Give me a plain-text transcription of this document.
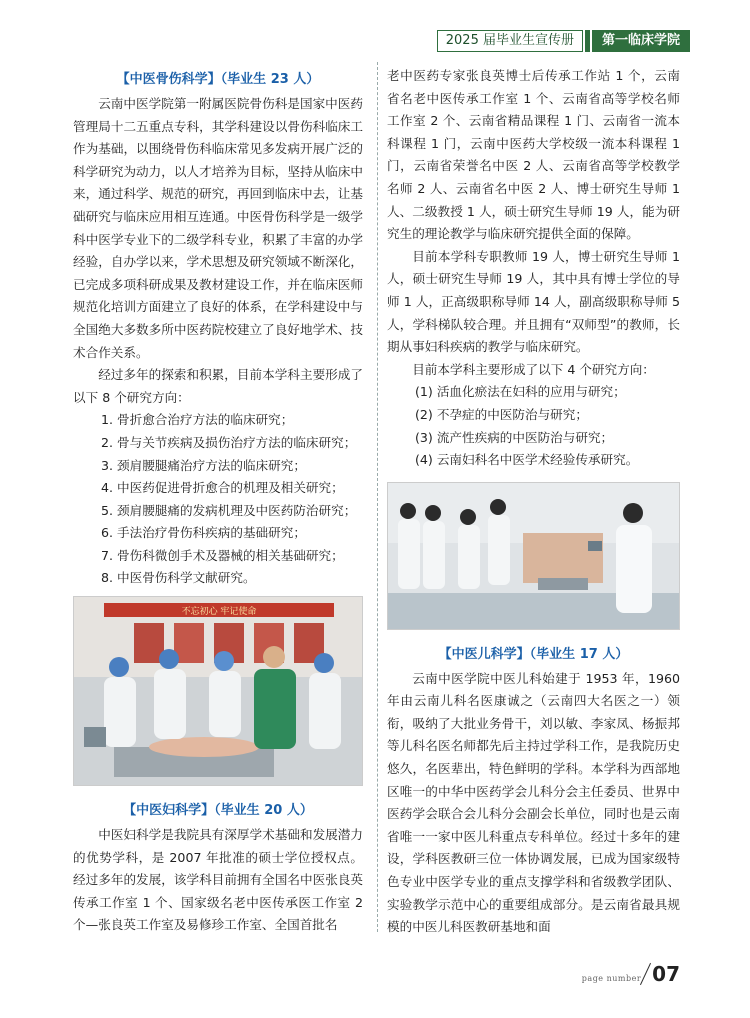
2025 届毕业生宣传册	第一临床学院
【中医骨伤科学】（毕业生 23 人）
云南中医学院第一附属医院骨伤科是国家中医药管理局十二五重点专科，其学科建设以骨伤科临床工作为基础，以围绕骨伤科临床常见多发病开展广泛的科学研究为动力，以人才培养为目标，坚持从临床中来，通过科学、规范的研究，再回到临床中去，让基础研究与临床应用相互连通。中医骨伤科学是一级学科中医学专业下的二级学科专业，积累了丰富的办学经验，自办学以来，学术思想及研究领域不断深化，已完成多项科研成果及教材建设工作，并在临床医师规范化培训方面建立了良好的体系，在学科建设中与全国绝大多数多所中医药院校建立了良好地学术、技术合作关系。
经过多年的探索和积累，目前本学科主要形成了以下 8 个研究方向：
1. 骨折愈合治疗方法的临床研究；
2. 骨与关节疾病及损伤治疗方法的临床研究；
3. 颈肩腰腿痛治疗方法的临床研究；
4. 中医药促进骨折愈合的机理及相关研究；
5. 颈肩腰腿痛的发病机理及中医药防治研究；
6. 手法治疗骨伤科疾病的基础研究；
7. 骨伤科微创手术及器械的相关基础研究；
8. 中医骨伤科学文献研究。
不忘初心 牢记使命
【中医妇科学】（毕业生 20 人）
中医妇科学是我院具有深厚学术基础和发展潜力的优势学科，是 2007 年批准的硕士学位授权点。经过多年的发展，该学科目前拥有全国名中医张良英传承工作室 1 个、国家级名老中医传承医工作室 2 个—张良英工作室及易修珍工作室、全国首批名
老中医药专家张良英博士后传承工作站 1 个，云南省名老中医传承工作室 1 个、云南省高等学校名师工作室 2 个、云南省精品课程 1 门、云南省一流本科课程 1 门，云南中医药大学校级一流本科课程 1 门，云南省荣誉名中医 2 人、云南省高等学校教学名师 2 人、云南省名中医 2 人、博士研究生导师 1 人、二级教授 1 人，硕士研究生导师 19 人，能为研究生的理论教学与临床研究提供全面的保障。
目前本学科专职教师 19 人，博士研究生导师 1 人，硕士研究生导师 19 人，其中具有博士学位的导师 1 人，正高级职称导师 14 人，副高级职称导师 5 人，学科梯队较合理。并且拥有“双师型”的教师，长期从事妇科疾病的教学与临床研究。
目前本学科主要形成了以下 4 个研究方向：
(1) 活血化瘀法在妇科的应用与研究；
(2) 不孕症的中医防治与研究；
(3) 流产性疾病的中医防治与研究；
(4) 云南妇科名中医学术经验传承研究。
【中医儿科学】（毕业生 17 人）
云南中医学院中医儿科始建于 1953 年，1960 年由云南儿科名医康诚之（云南四大名医之一）领衔，吸纳了大批业务骨干，刘以敏、李家凤、杨振邦等儿科名医名师都先后主持过学科工作，是我院历史悠久，名医辈出，特色鲜明的学科。本学科为西部地区唯一的中华中医药学会儿科分会主任委员、世界中医药学会联合会儿科分会副会长单位，同时也是云南省唯一一家中医儿科重点专科单位。经过十多年的建设，学科医教研三位一体协调发展，已成为国家级特色专业中医学专业的重点支撑学科和省级教学团队、实验教学示范中心的重要组成部分。是云南省最具规模的中医儿科医教研基地和面
page number 07
